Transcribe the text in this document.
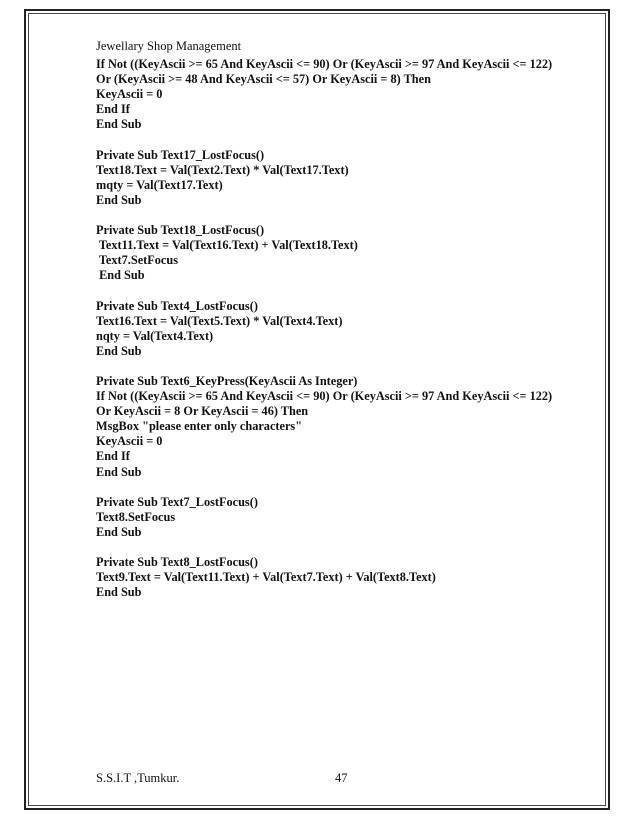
Jewellary Shop Management
If Not ((KeyAscii >= 65 And KeyAscii <= 90) Or (KeyAscii >= 97 And KeyAscii <= 122)
Or (KeyAscii >= 48 And KeyAscii <= 57) Or KeyAscii = 8) Then
KeyAscii = 0
End If
End Sub
Private Sub Text17_LostFocus()
Text18.Text = Val(Text2.Text) * Val(Text17.Text)
mqty = Val(Text17.Text)
End Sub
Private Sub Text18_LostFocus()
Text11.Text = Val(Text16.Text) + Val(Text18.Text)
Text7.SetFocus
End Sub
Private Sub Text4_LostFocus()
Text16.Text = Val(Text5.Text) * Val(Text4.Text)
nqty = Val(Text4.Text)
End Sub
Private Sub Text6_KeyPress(KeyAscii As Integer)
If Not ((KeyAscii >= 65 And KeyAscii <= 90) Or (KeyAscii >= 97 And KeyAscii <= 122)
Or KeyAscii = 8 Or KeyAscii = 46) Then
MsgBox "please enter only characters"
KeyAscii = 0
End If
End Sub
Private Sub Text7_LostFocus()
Text8.SetFocus
End Sub
Private Sub Text8_LostFocus()
Text9.Text = Val(Text11.Text) + Val(Text7.Text) + Val(Text8.Text)
End Sub
S.S.I.T ,Tumkur.	47
